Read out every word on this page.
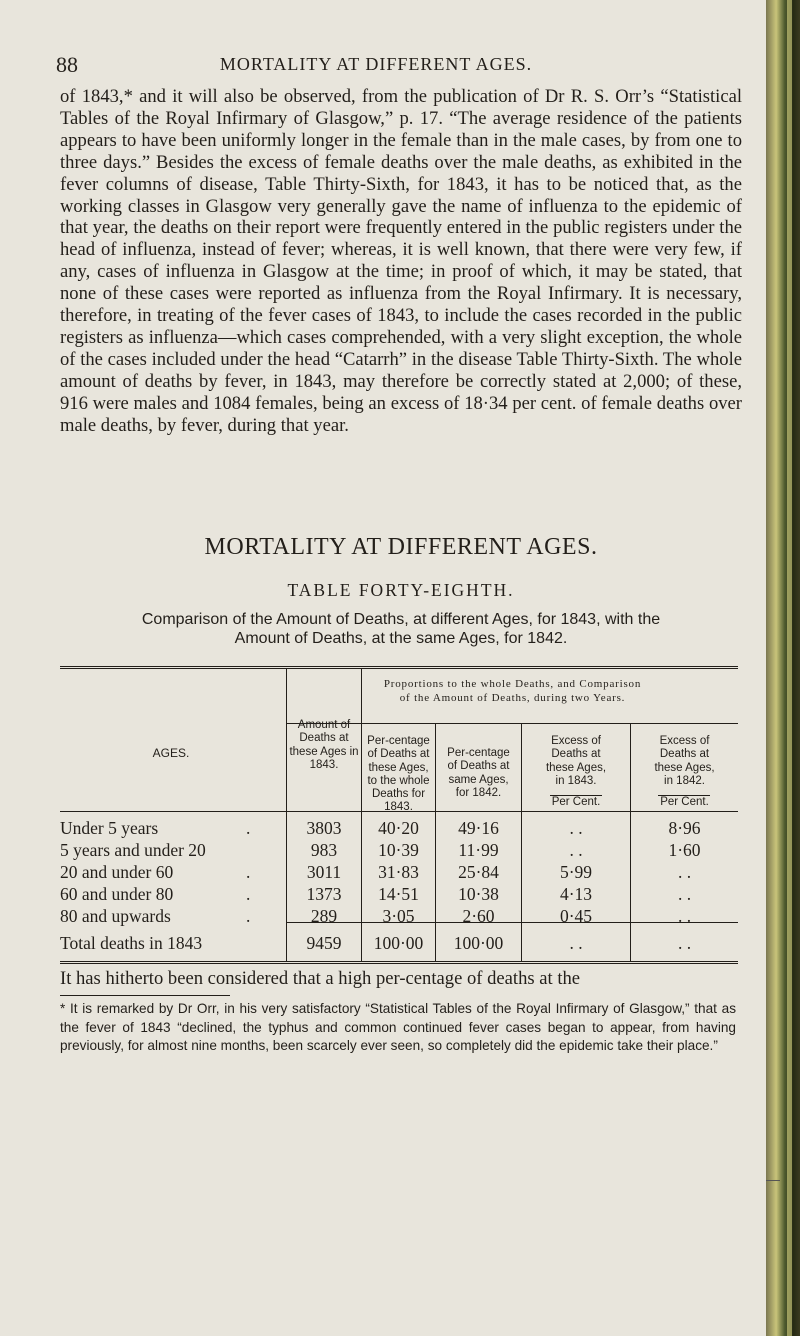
88	MORTALITY AT DIFFERENT AGES.

of 1843,* and it will also be observed, from the publication of Dr R. S. Orr’s “Statistical Tables of the Royal Infirmary of Glasgow,” p. 17. “The average residence of the patients appears to have been uniformly longer in the female than in the male cases, by from one to three days.” Besides the excess of female deaths over the male deaths, as exhibited in the fever columns of disease, Table Thirty-Sixth, for 1843, it has to be noticed that, as the working classes in Glasgow very generally gave the name of influenza to the epidemic of that year, the deaths on their report were frequently entered in the public registers under the head of influenza, instead of fever; whereas, it is well known, that there were very few, if any, cases of influenza in Glasgow at the time; in proof of which, it may be stated, that none of these cases were reported as influenza from the Royal Infirmary. It is necessary, therefore, in treating of the fever cases of 1843, to include the cases recorded in the public registers as influenza—which cases comprehended, with a very slight exception, the whole of the cases included under the head “Catarrh” in the disease Table Thirty-Sixth. The whole amount of deaths by fever, in 1843, may therefore be correctly stated at 2,000; of these, 916 were males and 1084 females, being an excess of 18·34 per cent. of female deaths over male deaths, by fever, during that year.

MORTALITY AT DIFFERENT AGES.
TABLE FORTY-EIGHTH.
Comparison of the Amount of Deaths, at different Ages, for 1843, with the
Amount of Deaths, at the same Ages, for 1842.
Proportions to the whole Deaths, and Comparison
of the Amount of Deaths, during two Years.
AGES.
Amount of
Deaths at
these Ages in
1843.
Per-centage
of Deaths at
these Ages,
to the whole
Deaths for
1843.
Per-centage
of Deaths at
same Ages,
for 1842.
Excess of
Deaths at
these Ages,
in 1843.
Per Cent.
Excess of
Deaths at
these Ages,
in 1842.
Per Cent.
Under 5 years	.	3803	40·20	49·16	. .	8·96
5 years and under 20	983	10·39	11·99	. .	1·60
20 and under 60	.	3011	31·83	25·84	5·99	. .
60 and under 80	.	1373	14·51	10·38	4·13	. .
80 and upwards	.	289	3·05	2·60	0·45	. .
Total deaths in 1843	9459	100·00	100·00	. .	. .

It has hitherto been considered that a high per-centage of deaths at the

* It is remarked by Dr Orr, in his very satisfactory “Statistical Tables of the Royal Infirmary of Glasgow,” that as the fever of 1843 “declined, the typhus and common continued fever cases began to appear, from having previously, for almost nine months, been scarcely ever seen, so completely did the epidemic take their place.”
